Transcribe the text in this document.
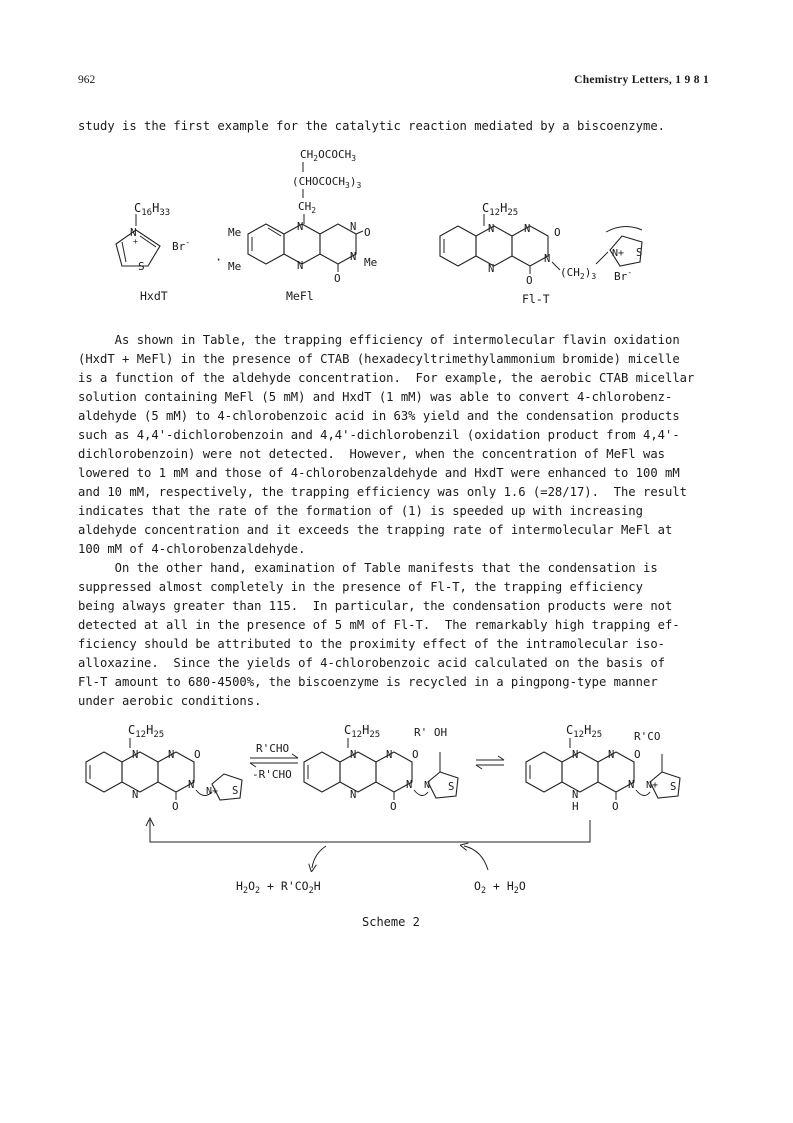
962	Chemistry Letters, 1 9 8 1
study is the first example for the catalytic reaction mediated by a biscoenzyme.
$C_{16}H_{33}$
N
+
S
Br-
HxdT
$CH_2OCOCH_3$
$(CHOCOCH_3)_3$
$CH_2$
N
N
N
N
O
Me
O
Me
Me
·
MeFl
$C_{12}H_{25}$
N
N
N
N
O
O
$(CH_2)_3$
N+ S
Br-
Fl-T
As shown in Table, the trapping efficiency of intermolecular flavin oxidation
(HxdT + MeFl) in the presence of CTAB (hexadecyltrimethylammonium bromide) micelle
is a function of the aldehyde concentration.  For example, the aerobic CTAB micellar
solution containing MeFl (5 mM) and HxdT (1 mM) was able to convert 4-chlorobenz-
aldehyde (5 mM) to 4-chlorobenzoic acid in 63% yield and the condensation products
such as 4,4'-dichlorobenzoin and 4,4'-dichlorobenzil (oxidation product from 4,4'-
dichlorobenzoin) were not detected.  However, when the concentration of MeFl was
lowered to 1 mM and those of 4-chlorobenzaldehyde and HxdT were enhanced to 100 mM
and 10 mM, respectively, the trapping efficiency was only 1.6 (=28/17).  The result
indicates that the rate of the formation of (1) is speeded up with increasing
aldehyde concentration and it exceeds the trapping rate of intermolecular MeFl at
100 mM of 4-chlorobenzaldehyde.
On the other hand, examination of Table manifests that the condensation is
suppressed almost completely in the presence of Fl-T, the trapping efficiency
being always greater than 115.  In particular, the condensation products were not
detected at all in the presence of 5 mM of Fl-T.  The remarkably high trapping ef-
ficiency should be attributed to the proximity effect of the intramolecular iso-
alloxazine.  Since the yields of 4-chlorobenzoic acid calculated on the basis of
Fl-T amount to 680-4500%, the biscoenzyme is recycled in a pingpong-type manner
under aerobic conditions.
$C_{12}H_{25}$
N
N
N
N
O
O
N+ S
R'CHO
-R'CHO
$C_{12}H_{25}$
N
N
N
N
O
O
N S
R' OH	$C_{12}H_{25}$
N
N
N
N
O
H	O
N+ S
R'CO
$H_2O_2 + R'CO_2H$	$O_2 + H_2O$
Scheme 2
